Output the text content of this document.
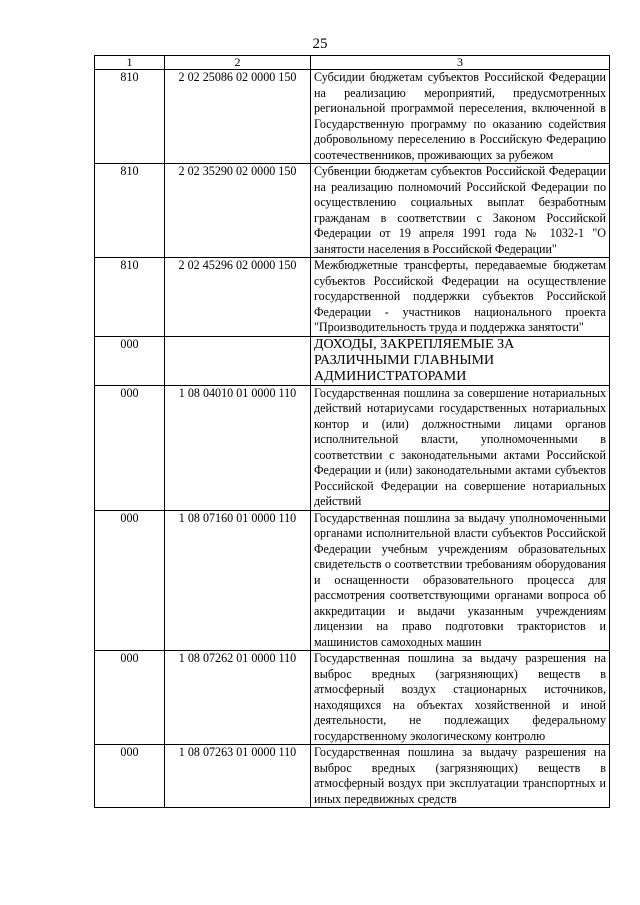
25
1	2	3
810	2 02 25086 02 0000 150	Субсидии бюджетам субъектов Российской Федерации на реализацию мероприятий, предусмотренных региональной программой переселения, включенной в Государственную программу по оказанию содействия добровольному переселению в Российскую Федерацию соотечественников, проживающих за рубежом
810	2 02 35290 02 0000 150	Субвенции бюджетам субъектов Российской Федерации на реализацию полномочий Российской Федерации по осуществлению социальных выплат безработным гражданам в соответствии с Законом Российской Федерации от 19 апреля 1991 года № 1032-1 "О занятости населения в Российской Федерации"
810	2 02 45296 02 0000 150	Межбюджетные трансферты, передаваемые бюджетам субъектов Российской Федерации на осуществление государственной поддержки субъектов Российской Федерации - участников национального проекта "Производительность труда и поддержка занятости"
000		ДОХОДЫ, ЗАКРЕПЛЯЕМЫЕ ЗА РАЗЛИЧНЫМИ ГЛАВНЫМИ АДМИНИСТРАТОРАМИ
000	1 08 04010 01 0000 110	Государственная пошлина за совершение нотариальных действий нотариусами государственных нотариальных контор и (или) должностными лицами органов исполнительной власти, уполномоченными в соответствии с законодательными актами Российской Федерации и (или) законодательными актами субъектов Российской Федерации на совершение нотариальных действий
000	1 08 07160 01 0000 110	Государственная пошлина за выдачу уполномоченными органами исполнительной власти субъектов Российской Федерации учебным учреждениям образовательных свидетельств о соответствии требованиям оборудования и оснащенности образовательного процесса для рассмотрения соответствующими органами вопроса об аккредитации и выдачи указанным учреждениям лицензии на право подготовки трактористов и машинистов самоходных машин
000	1 08 07262 01 0000 110	Государственная пошлина за выдачу разрешения на выброс вредных (загрязняющих) веществ в атмосферный воздух стационарных источников, находящихся на объектах хозяйственной и иной деятельности, не подлежащих федеральному государственному экологическому контролю
000	1 08 07263 01 0000 110	Государственная пошлина за выдачу разрешения на выброс вредных (загрязняющих) веществ в атмосферный воздух при эксплуатации транспортных и иных передвижных средств
